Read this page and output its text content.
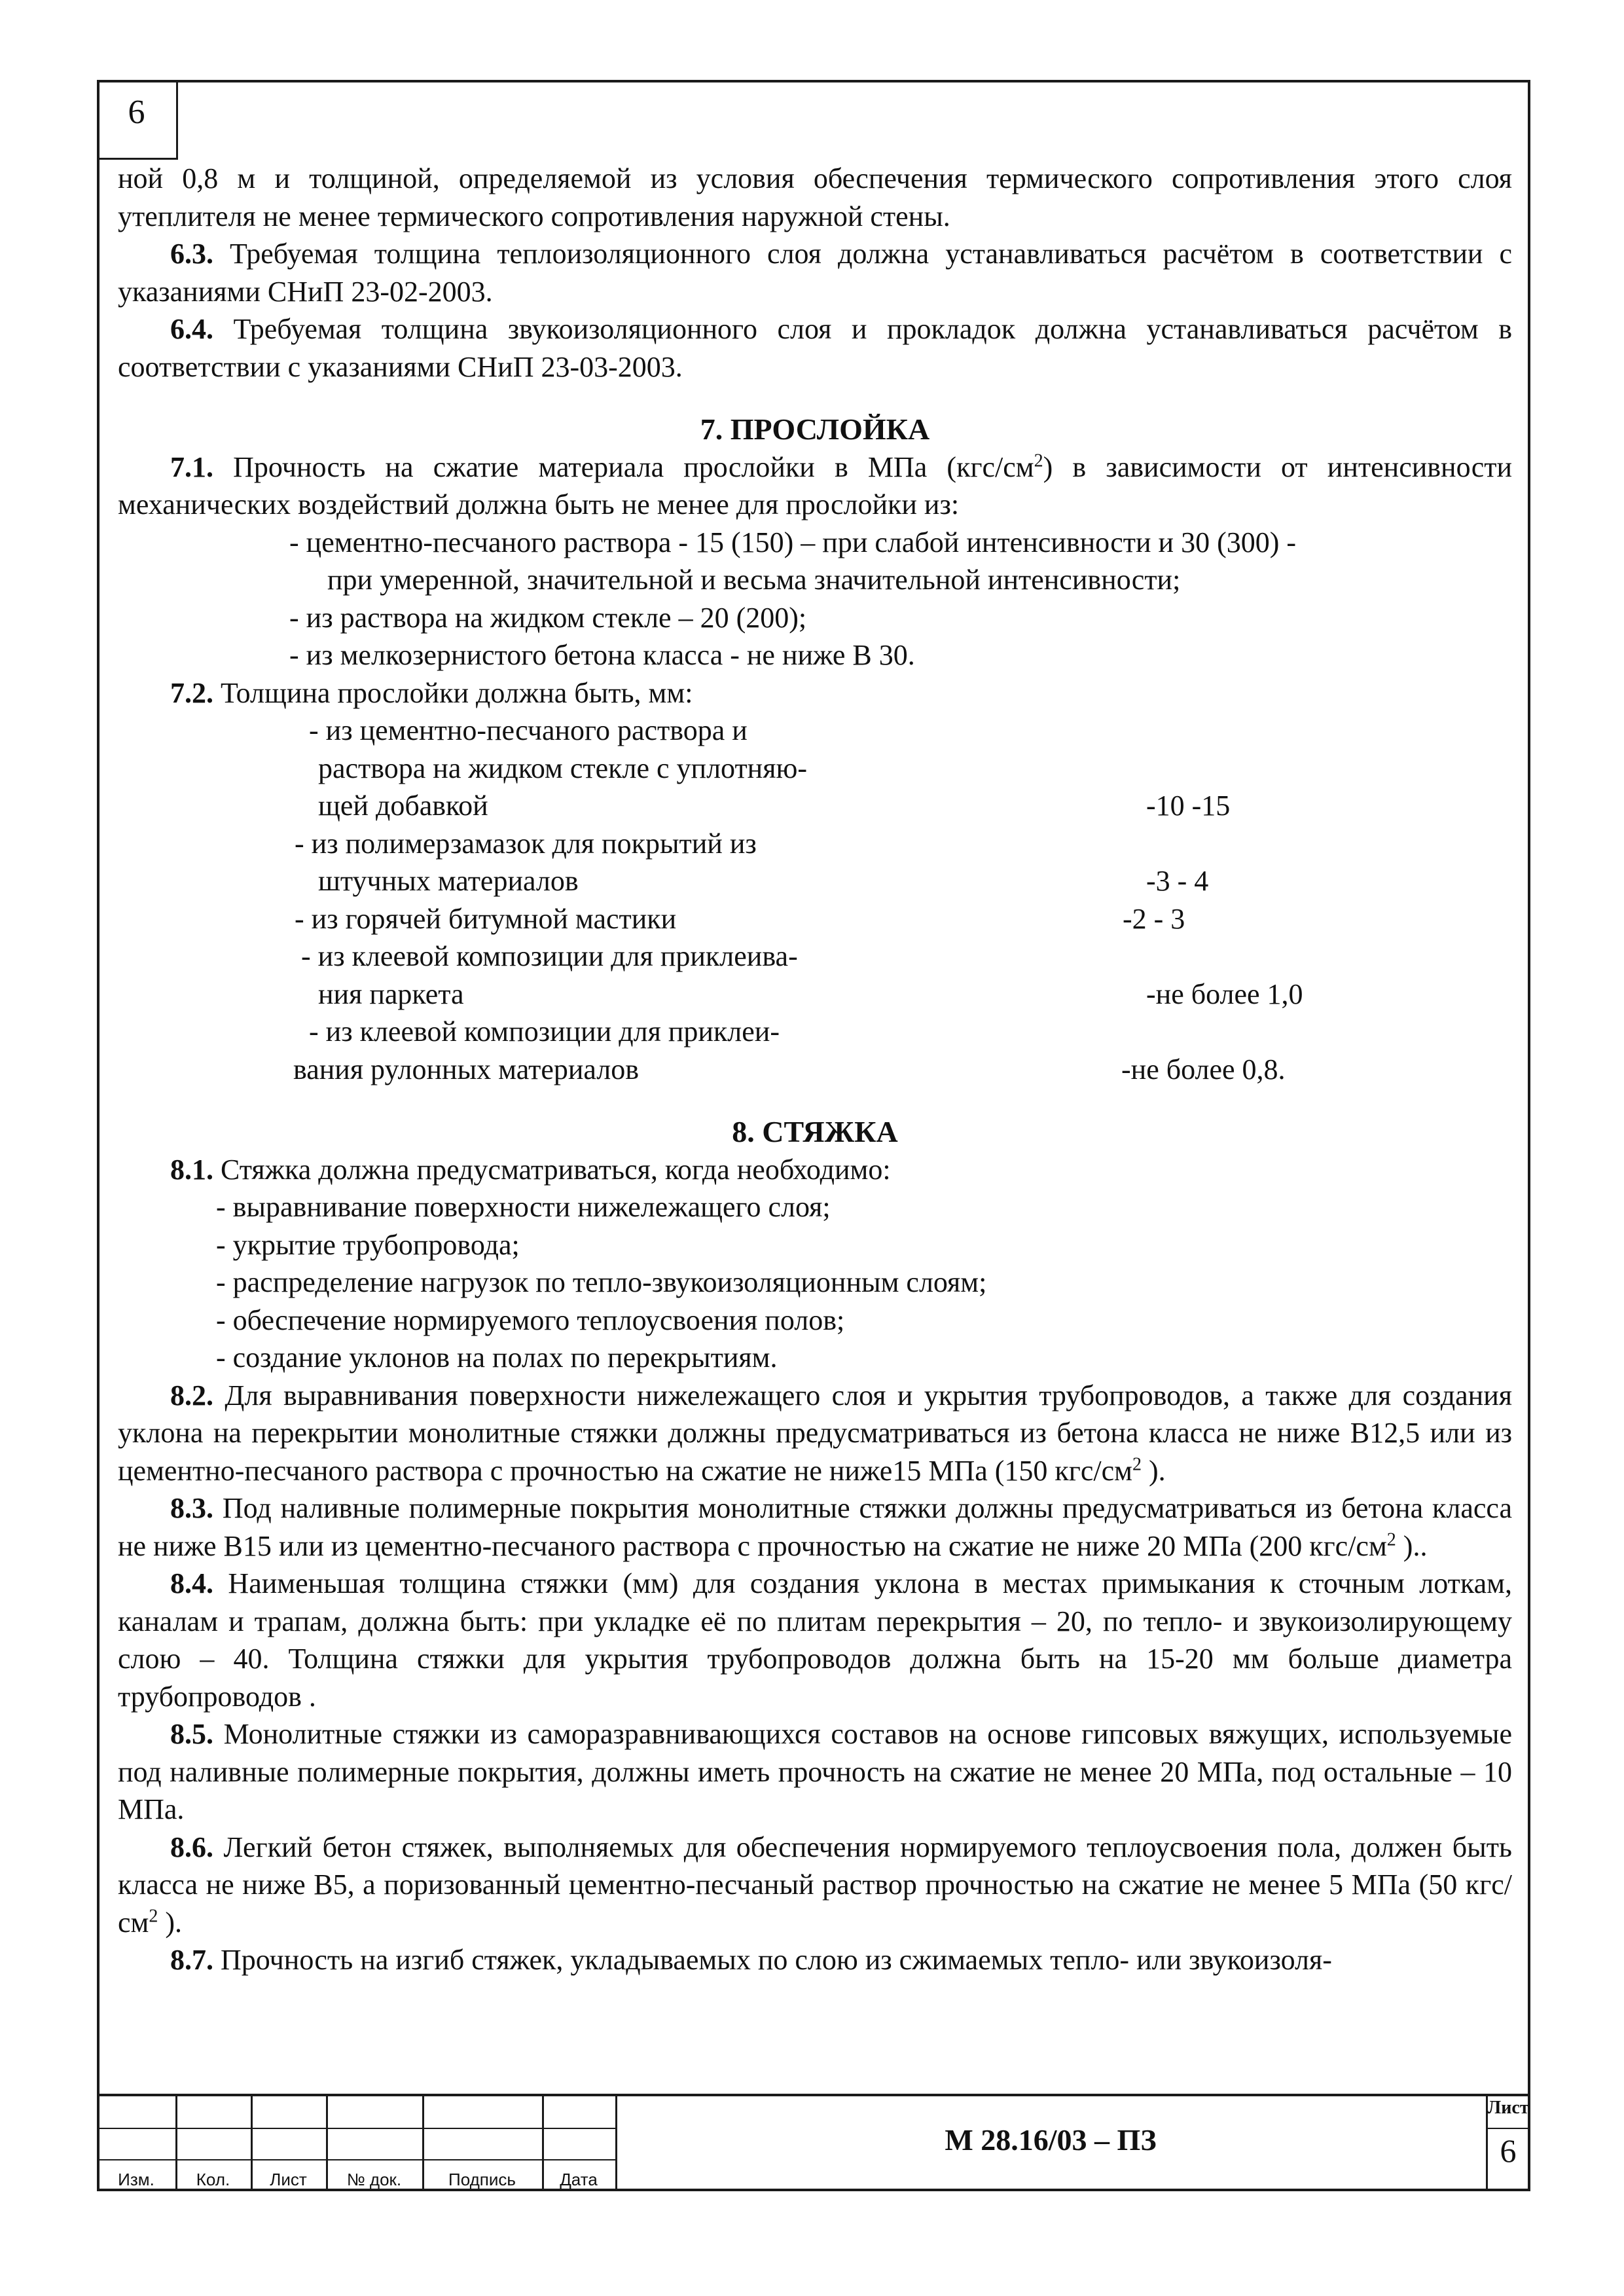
6

ной 0,8 м и толщиной, определяемой из условия обеспечения термического сопротивления этого слоя утеплителя не менее термического сопротивления наружной стены.

6.3. Требуемая толщина теплоизоляционного слоя должна устанавливаться расчётом в соответствии с указаниями СНиП 23-02-2003.

6.4. Требуемая толщина звукоизоляционного слоя и прокладок должна устанавливаться расчётом в соответствии с указаниями СНиП 23-03-2003.

7. ПРОСЛОЙКА

7.1. Прочность на сжатие материала прослойки в МПа $(кгс/см^2)$ в зависимости от интенсивности механических воздействий должна быть не менее для прослойки из:

- цементно-песчаного раствора - 15 (150) – при слабой интенсивности и 30 (300) -
при умеренной, значительной и весьма значительной интенсивности;
- из раствора на жидком стекле – 20 (200);
- из мелкозернистого бетона класса - не ниже В 30.

7.2. Толщина прослойки должна быть, мм:

- из цементно-песчаного раствора и
раствора на жидком стекле с уплотняю-
щей добавкой	-10 -15
- из полимерзамазок для покрытий из
штучных материалов	-3 - 4
- из горячей битумной мастики	-2 - 3
- из клеевой композиции для приклеива-
ния паркета	-не более 1,0
- из клеевой композиции для приклеи-
вания рулонных материалов	-не более 0,8.

8. СТЯЖКА

8.1. Стяжка должна предусматриваться, когда необходимо:

- выравнивание поверхности нижележащего слоя;
- укрытие трубопровода;
- распределение нагрузок по тепло-звукоизоляционным слоям;
- обеспечение нормируемого теплоусвоения полов;
- создание уклонов на полах по перекрытиям.

8.2. Для выравнивания поверхности нижележащего слоя и укрытия трубопроводов, а также для создания уклона на перекрытии монолитные стяжки должны предусматриваться из бетона класса не ниже В12,5 или из цементно-песчаного раствора с прочностью на сжатие не ниже15 МПа (150 кгс/$см^2$ ).

8.3. Под наливные полимерные покрытия монолитные стяжки должны предусматриваться из бетона класса не ниже В15 или из цементно-песчаного раствора с прочностью на сжатие не ниже 20 МПа (200 кгс/$см^2$ )..

8.4. Наименьшая толщина стяжки (мм) для создания уклона в местах примыкания к сточным лоткам, каналам и трапам, должна быть: при укладке её по плитам перекрытия – 20, по тепло- и звукоизолирующему слою – 40. Толщина стяжки для укрытия трубопроводов должна быть на 15-20 мм больше диаметра трубопроводов .

8.5. Монолитные стяжки из саморазравнивающихся составов на основе гипсовых вяжущих, используемые под наливные полимерные покрытия, должны иметь прочность на сжатие не менее 20 МПа, под остальные – 10 МПа.

8.6. Легкий бетон стяжек, выполняемых для обеспечения нормируемого теплоусвоения пола, должен быть класса не ниже В5, а поризованный цементно-песчаный раствор прочностью на сжатие не менее 5 МПа (50 кгс/$см^2$ ).

8.7. Прочность на изгиб стяжек, укладываемых по слою из сжимаемых тепло- или звукоизоля-

Изм.	Кол.	Лист	№ док.	Подпись	Дата
М 28.16/03 – ПЗ
Лист
6
